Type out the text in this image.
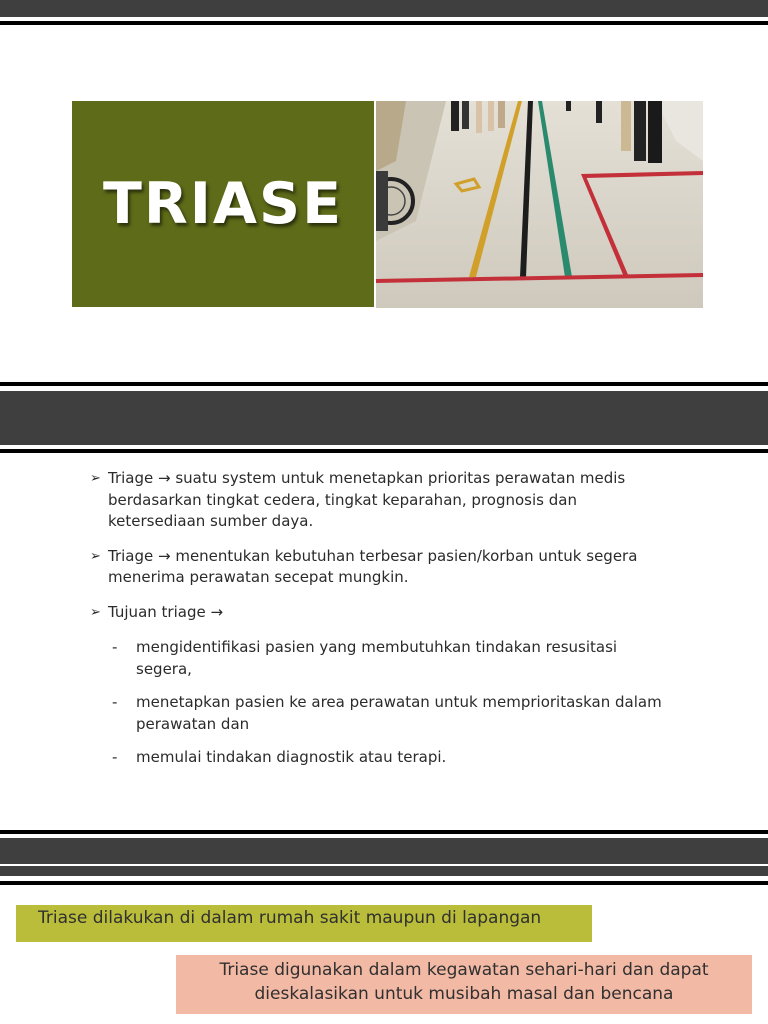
TRIASE
➢ Triage → suatu system untuk menetapkan prioritas perawatan medis berdasarkan tingkat cedera, tingkat keparahan, prognosis dan ketersediaan sumber daya.
➢ Triage → menentukan kebutuhan terbesar pasien/korban untuk segera menerima perawatan secepat mungkin.
➢ Tujuan triage →
- mengidentifikasi pasien yang membutuhkan tindakan resusitasi segera,
- menetapkan pasien ke area perawatan untuk memprioritaskan dalam perawatan dan
- memulai tindakan diagnostik atau terapi.
Triase dilakukan di dalam rumah sakit maupun di lapangan
Triase digunakan dalam kegawatan sehari-hari dan dapat
dieskalasikan untuk musibah masal dan bencana
